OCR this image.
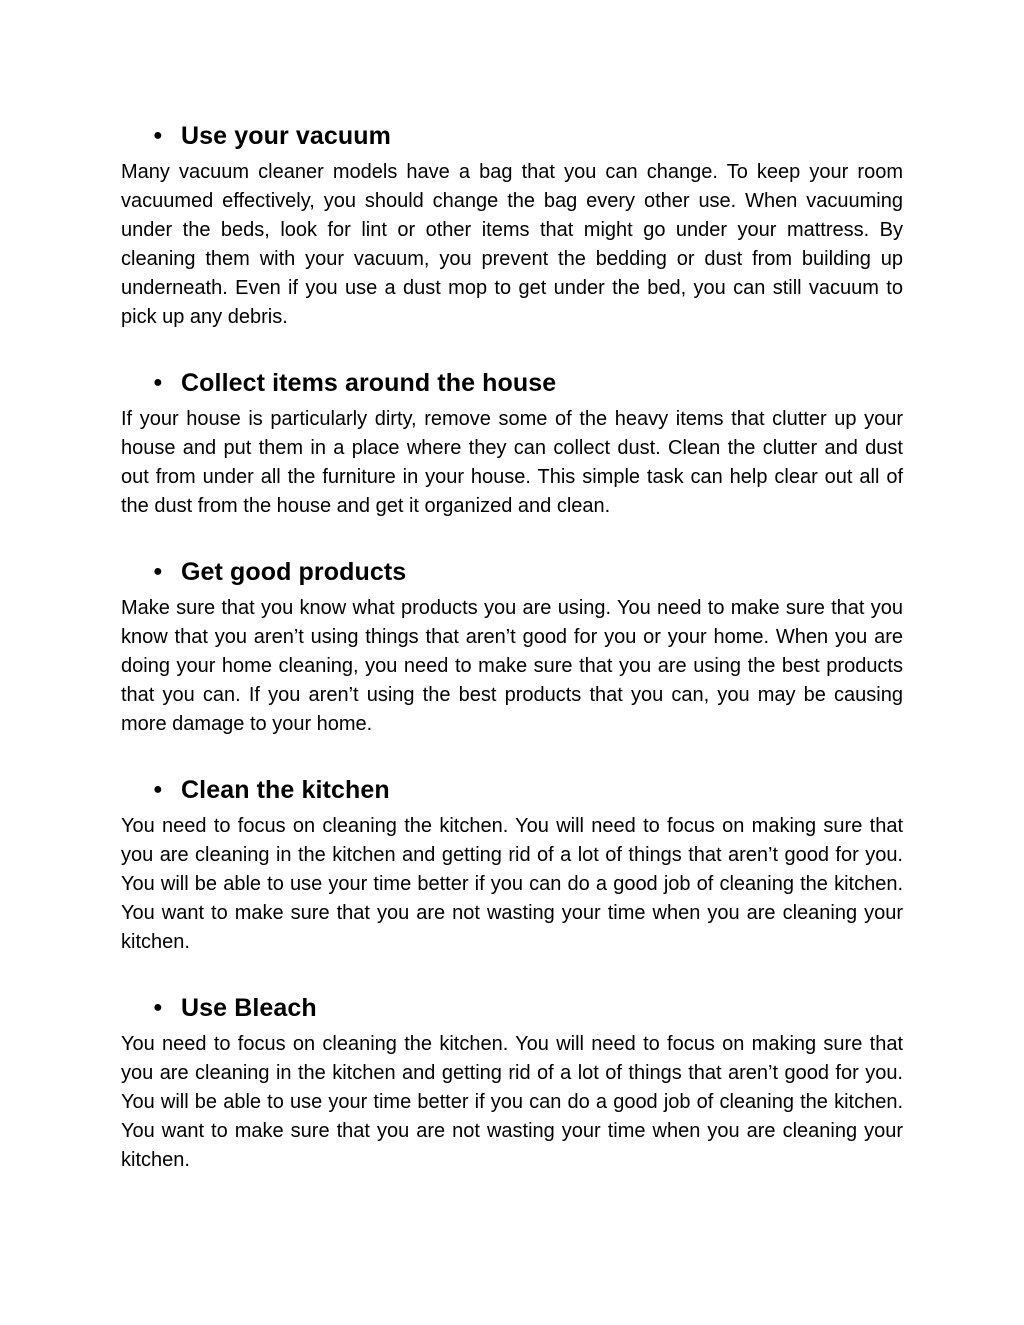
● Use your vacuum

Many vacuum cleaner models have a bag that you can change. To keep your room vacuumed effectively, you should change the bag every other use. When vacuuming under the beds, look for lint or other items that might go under your mattress. By cleaning them with your vacuum, you prevent the bedding or dust from building up underneath. Even if you use a dust mop to get under the bed, you can still vacuum to pick up any debris.

● Collect items around the house

If your house is particularly dirty, remove some of the heavy items that clutter up your house and put them in a place where they can collect dust. Clean the clutter and dust out from under all the furniture in your house. This simple task can help clear out all of the dust from the house and get it organized and clean.

● Get good products

Make sure that you know what products you are using. You need to make sure that you know that you aren’t using things that aren’t good for you or your home. When you are doing your home cleaning, you need to make sure that you are using the best products that you can. If you aren’t using the best products that you can, you may be causing more damage to your home.

● Clean the kitchen

You need to focus on cleaning the kitchen. You will need to focus on making sure that you are cleaning in the kitchen and getting rid of a lot of things that aren’t good for you. You will be able to use your time better if you can do a good job of cleaning the kitchen. You want to make sure that you are not wasting your time when you are cleaning your kitchen.

● Use Bleach

You need to focus on cleaning the kitchen. You will need to focus on making sure that you are cleaning in the kitchen and getting rid of a lot of things that aren’t good for you. You will be able to use your time better if you can do a good job of cleaning the kitchen. You want to make sure that you are not wasting your time when you are cleaning your kitchen.
